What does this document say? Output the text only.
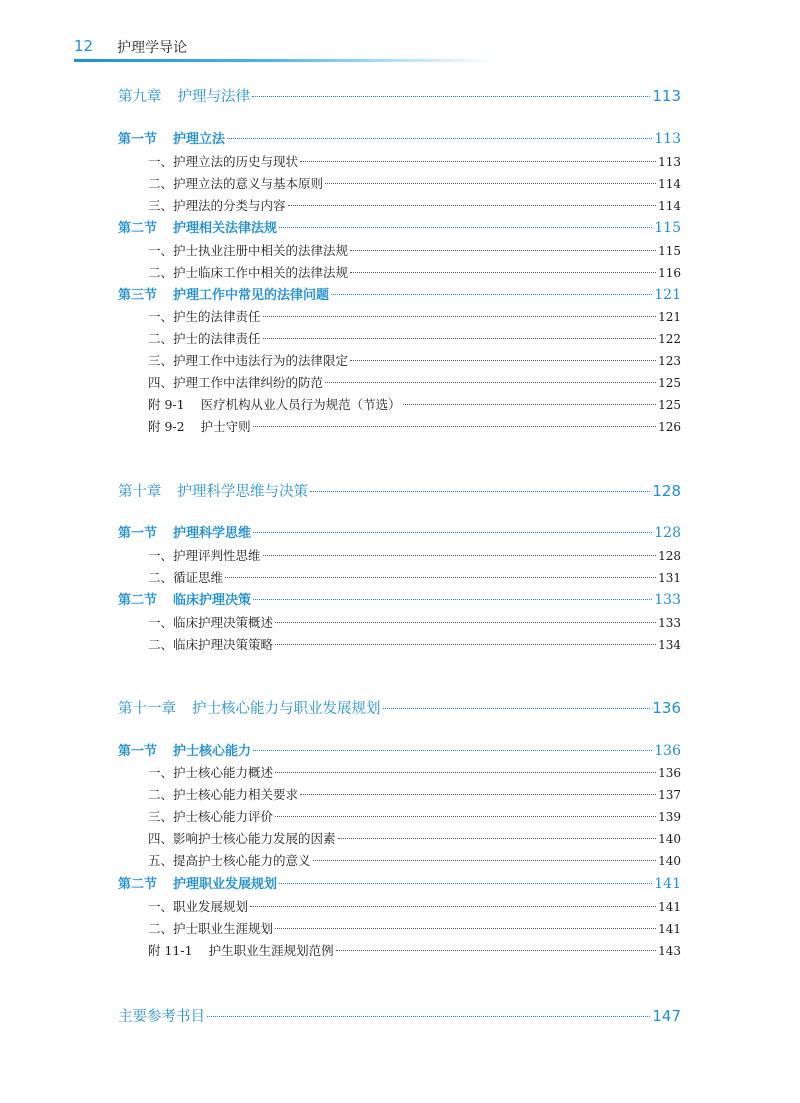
12 护理学导论
第九章 护理与法律	113
第一节 护理立法	113
一、护理立法的历史与现状	113
二、护理立法的意义与基本原则	114
三、护理法的分类与内容	114
第二节 护理相关法律法规	115
一、护士执业注册中相关的法律法规	115
二、护士临床工作中相关的法律法规	116
第三节 护理工作中常见的法律问题	121
一、护生的法律责任	121
二、护士的法律责任	122
三、护理工作中违法行为的法律限定	123
四、护理工作中法律纠纷的防范	125
附 9-1 医疗机构从业人员行为规范（节选）	125
附 9-2 护士守则	126
第十章 护理科学思维与决策	128
第一节 护理科学思维	128
一、护理评判性思维	128
二、循证思维	131
第二节 临床护理决策	133
一、临床护理决策概述	133
二、临床护理决策策略	134
第十一章 护士核心能力与职业发展规划	136
第一节 护士核心能力	136
一、护士核心能力概述	136
二、护士核心能力相关要求	137
三、护士核心能力评价	139
四、影响护士核心能力发展的因素	140
五、提高护士核心能力的意义	140
第二节 护理职业发展规划	141
一、职业发展规划	141
二、护士职业生涯规划	141
附 11-1 护生职业生涯规划范例	143
主要参考书目	147
